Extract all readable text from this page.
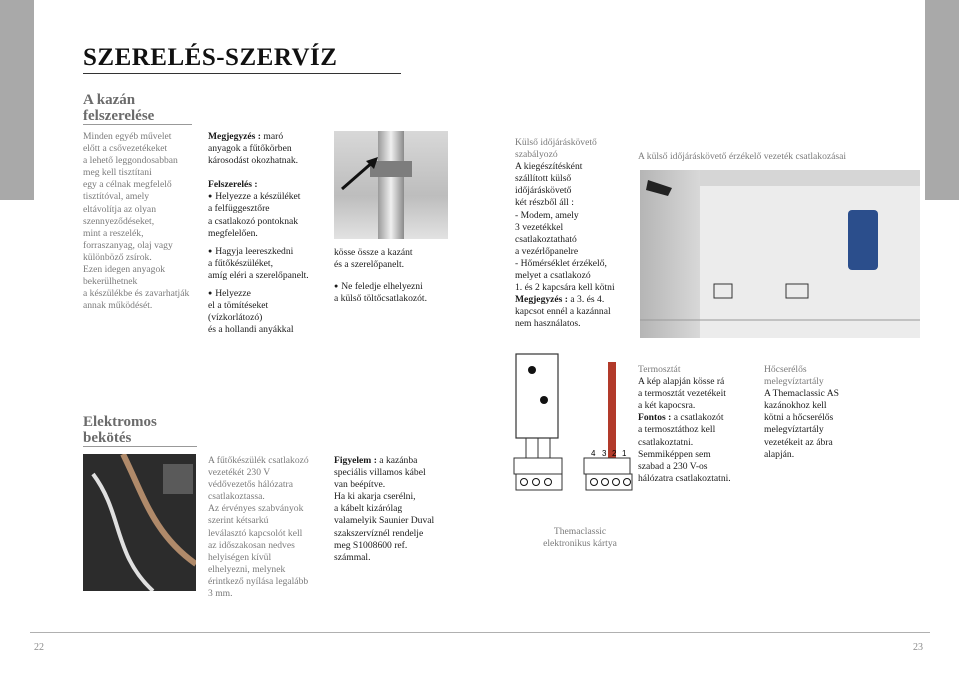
SZERELÉS-SZERVÍZ
A kazán
felszerelése
Minden egyéb művelet
előtt a csővezetékeket
a lehető leggondosabban
meg kell tisztítani
egy a célnak megfelelő
tisztítóval, amely
eltávolítja az olyan
szennyeződéseket,
mint a reszelék,
forraszanyag, olaj vagy
különböző zsírok.
Ezen idegen anyagok
bekerülhetnek
a készülékbe és zavarhatják
annak működését.
Megjegyzés : maró
anyagok a fűtőkörben
károsodást okozhatnak.
Felszerelés :
● Helyezze a készüléket
a felfüggesztőre
a csatlakozó pontoknak
megfelelően.
● Hagyja leereszkedni
a fűtőkészüléket,
amíg eléri a szerelőpanelt.
● Helyezze
el a tömítéseket
(vízkorlátozó)
és a hollandi anyákkal
kösse össze a kazánt
és a szerelőpanelt.
● Ne feledje elhelyezni
a külső töltőcsatlakozót.
Külső időjáráskövető
szabályozó
A kiegészítésként
szállított külső
időjáráskövető
két részből áll :
- Modem, amely
3 vezetékkel
csatlakoztatható
a vezérlőpanelre
- Hőmérséklet érzékelő,
melyet a csatlakozó
1. és 2 kapcsára kell kötni
Megjegyzés : a 3. és 4.
kapcsot ennél a kazánnal
nem használatos.
A külső időjáráskövető érzékelő vezeték csatlakozásai
Elektromos
bekötés
A fűtőkészülék csatlakozó
vezetékét 230 V
védővezetős hálózatra
csatlakoztassa.
Az érvényes szabványok
szerint kétsarkú
leválasztó kapcsolót kell
az időszakosan nedves
helyiségen kívül
elhelyezni, melynek
érintkező nyílása legalább
3 mm.
Figyelem : a kazánba
speciális villamos kábel
van beépítve.
Ha ki akarja cserélni,
a kábelt kizárólag
valamelyik Saunier Duval
szakszervíznél rendelje
meg S1008600 ref.
számmal.
4 3 2 1
Themaclassic
elektronikus kártya
Termosztát
A kép alapján kösse rá
a termosztát vezetékeit
a két kapocsra.
Fontos : a csatlakozót
a termosztáthoz kell
csatlakoztatni.
Semmiképpen sem
szabad a 230 V-os
hálózatra csatlakoztatni.
Hőcserélős
melegvíztartály
A Themaclassic AS
kazánokhoz kell
kötni a hőcserélős
melegvíztartály
vezetékeit az ábra
alapján.
22	23
